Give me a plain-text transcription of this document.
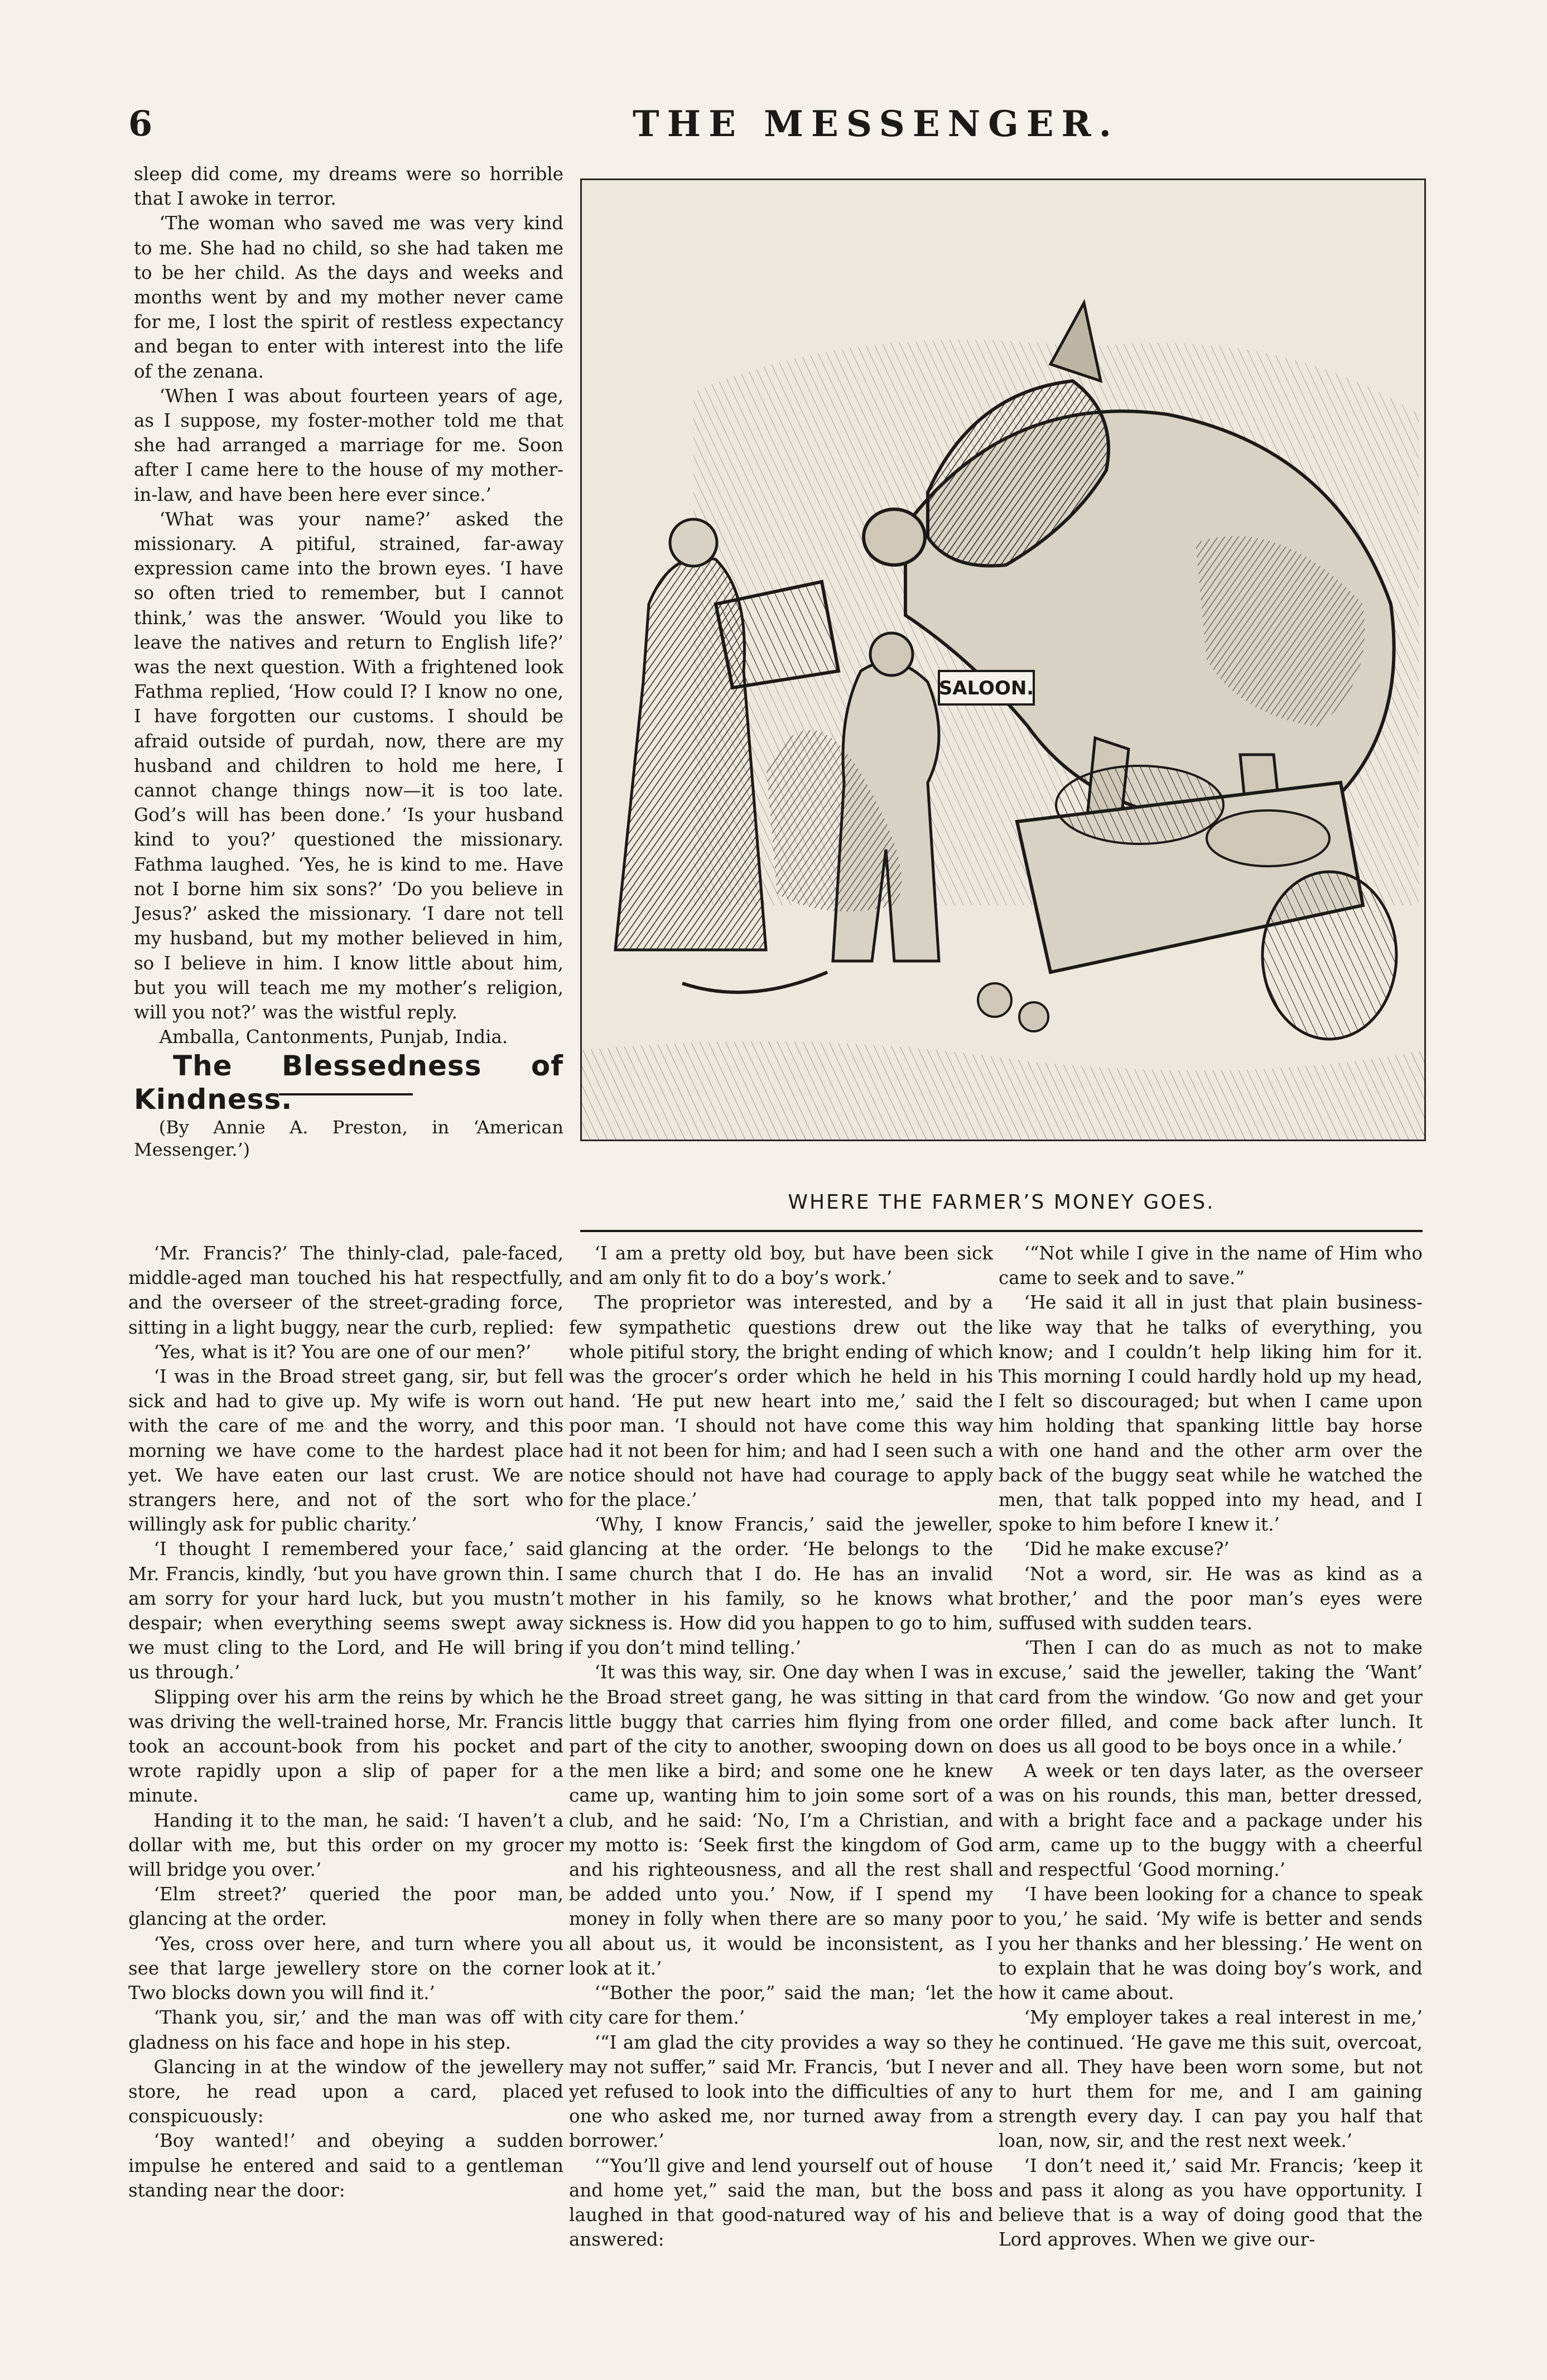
6	THE MESSENGER.

sleep did come, my dreams were so horrible that I awoke in terror.

‘The woman who saved me was very kind to me. She had no child, so she had taken me to be her child. As the days and weeks and months went by and my mother never came for me, I lost the spirit of restless expectancy and began to enter with interest into the life of the zenana.

‘When I was about fourteen years of age, as I suppose, my foster-mother told me that she had arranged a marriage for me. Soon after I came here to the house of my mother-in-law, and have been here ever since.’

‘What was your name?’ asked the missionary. A pitiful, strained, far-away expression came into the brown eyes. ‘I have so often tried to remember, but I cannot think,’ was the answer. ‘Would you like to leave the natives and return to English life?’ was the next question. With a frightened look Fathma replied, ‘How could I? I know no one, I have forgotten our customs. I should be afraid outside of purdah, now, there are my husband and children to hold me here, I cannot change things now—it is too late. God’s will has been done.’ ‘Is your husband kind to you?’ questioned the missionary. Fathma laughed. ‘Yes, he is kind to me. Have not I borne him six sons?’ ‘Do you believe in Jesus?’ asked the missionary. ‘I dare not tell my husband, but my mother believed in him, so I believe in him. I know little about him, but you will teach me my mother’s religion, will you not?’ was the wistful reply.

Amballa, Cantonments, Punjab, India.

The Blessedness of Kindness.

(By Annie A. Preston, in ‘American Messenger.’)

SALOON.
WHERE THE FARMER’S MONEY GOES.

‘Mr. Francis?’ The thinly-clad, pale-faced, middle-aged man touched his hat respectfully, and the overseer of the street-grading force, sitting in a light buggy, near the curb, replied:

‘Yes, what is it? You are one of our men?’

‘I was in the Broad street gang, sir, but fell sick and had to give up. My wife is worn out with the care of me and the worry, and this morning we have come to the hardest place yet. We have eaten our last crust. We are strangers here, and not of the sort who willingly ask for public charity.’

‘I thought I remembered your face,’ said Mr. Francis, kindly, ‘but you have grown thin. I am sorry for your hard luck, but you mustn’t despair; when everything seems swept away we must cling to the Lord, and He will bring us through.’

Slipping over his arm the reins by which he was driving the well-trained horse, Mr. Francis took an account-book from his pocket and wrote rapidly upon a slip of paper for a minute.

Handing it to the man, he said: ‘I haven’t a dollar with me, but this order on my grocer will bridge you over.’

‘Elm street?’ queried the poor man, glancing at the order.

‘Yes, cross over here, and turn where you see that large jewellery store on the corner Two blocks down you will find it.’

‘Thank you, sir,’ and the man was off with gladness on his face and hope in his step.

Glancing in at the window of the jewellery store, he read upon a card, placed conspicuously:

‘Boy wanted!’ and obeying a sudden impulse he entered and said to a gentleman standing near the door:

‘I am a pretty old boy, but have been sick and am only fit to do a boy’s work.’

The proprietor was interested, and by a few sympathetic questions drew out the whole pitiful story, the bright ending of which was the grocer’s order which he held in his hand. ‘He put new heart into me,’ said the poor man. ‘I should not have come this way had it not been for him; and had I seen such a notice should not have had courage to apply for the place.’

‘Why, I know Francis,’ said the jeweller, glancing at the order. ‘He belongs to the same church that I do. He has an invalid mother in his family, so he knows what sickness is. How did you happen to go to him, if you don’t mind telling.’

‘It was this way, sir. One day when I was in the Broad street gang, he was sitting in that little buggy that carries him flying from one part of the city to another, swooping down on the men like a bird; and some one he knew came up, wanting him to join some sort of a club, and he said: ‘No, I’m a Christian, and my motto is: ‘Seek first the kingdom of God and his righteousness, and all the rest shall be added unto you.’ Now, if I spend my money in folly when there are so many poor all about us, it would be inconsistent, as I look at it.’

‘“Bother the poor,” said the man; ‘let the city care for them.’

‘“I am glad the city provides a way so they may not suffer,” said Mr. Francis, ‘but I never yet refused to look into the difficulties of any one who asked me, nor turned away from a borrower.’

‘“You’ll give and lend yourself out of house and home yet,” said the man, but the boss laughed in that good-natured way of his and answered:

‘“Not while I give in the name of Him who came to seek and to save.”

‘He said it all in just that plain business-like way that he talks of everything, you know; and I couldn’t help liking him for it. This morning I could hardly hold up my head, I felt so discouraged; but when I came upon him holding that spanking little bay horse with one hand and the other arm over the back of the buggy seat while he watched the men, that talk popped into my head, and I spoke to him before I knew it.’

‘Did he make excuse?’

‘Not a word, sir. He was as kind as a brother,’ and the poor man’s eyes were suffused with sudden tears.

‘Then I can do as much as not to make excuse,’ said the jeweller, taking the ‘Want’ card from the window. ‘Go now and get your order filled, and come back after lunch. It does us all good to be boys once in a while.’

A week or ten days later, as the overseer was on his rounds, this man, better dressed, with a bright face and a package under his arm, came up to the buggy with a cheerful and respectful ‘Good morning.’

‘I have been looking for a chance to speak to you,’ he said. ‘My wife is better and sends you her thanks and her blessing.’ He went on to explain that he was doing boy’s work, and how it came about.

‘My employer takes a real interest in me,’ he continued. ‘He gave me this suit, overcoat, and all. They have been worn some, but not to hurt them for me, and I am gaining strength every day. I can pay you half that loan, now, sir, and the rest next week.’

‘I don’t need it,’ said Mr. Francis; ‘keep it and pass it along as you have opportunity. I believe that is a way of doing good that the Lord approves. When we give our-
